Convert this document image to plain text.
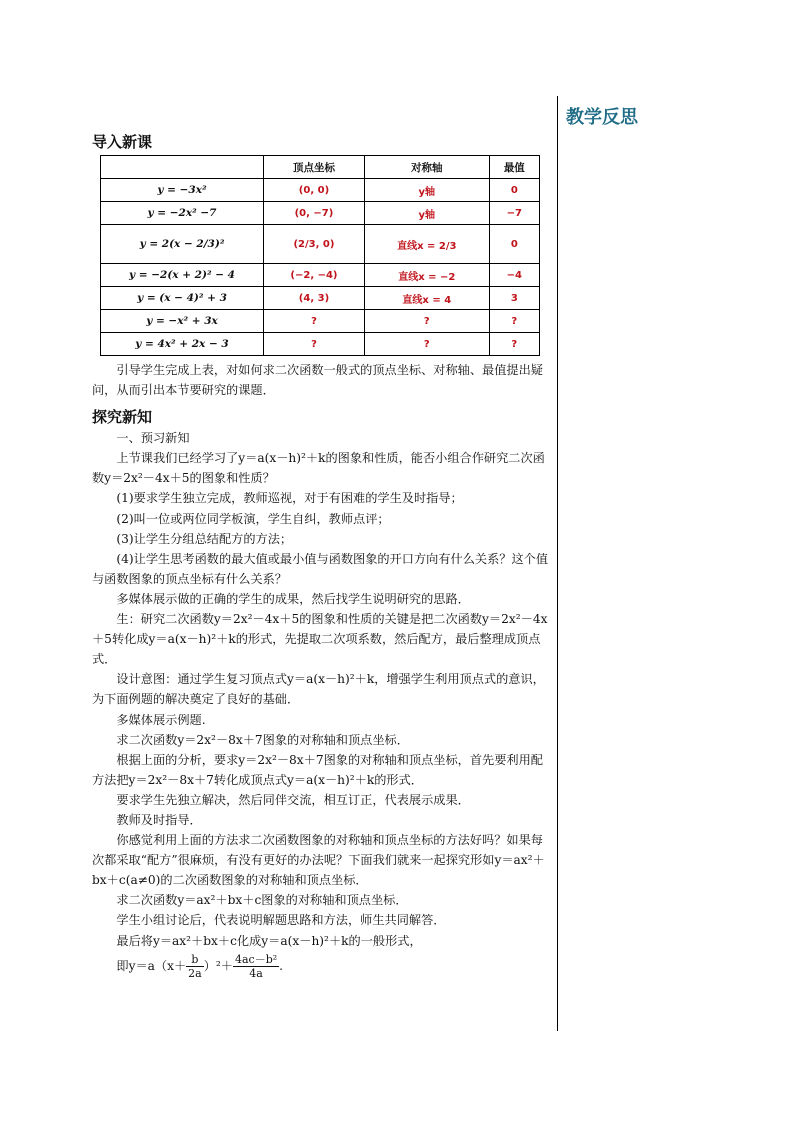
教学反思
导入新课
	顶点坐标	对称轴	最值
y = −3x²	(0, 0)	y轴	0
y = −2x² −7	(0, −7)	y轴	−7
y = 2(x − 2/3)²	(2/3, 0)	直线x = 2/3	0
y = −2(x + 2)² − 4	(−2, −4)	直线x = −2	−4
y = (x − 4)² + 3	(4, 3)	直线x = 4	3
y = −x² + 3x	?	?	?
y = 4x² + 2x − 3	?	?	?

引导学生完成上表，对如何求二次函数一般式的顶点坐标、对称轴、最值提出疑问，从而引出本节要研究的课题．

探究新知

一、预习新知

上节课我们已经学习了y＝a(x－h)²＋k的图象和性质，能否小组合作研究二次函数y＝2x²－4x＋5的图象和性质？

(1)要求学生独立完成，教师巡视，对于有困难的学生及时指导；

(2)叫一位或两位同学板演，学生自纠，教师点评；

(3)让学生分组总结配方的方法；

(4)让学生思考函数的最大值或最小值与函数图象的开口方向有什么关系？这个值与函数图象的顶点坐标有什么关系？

多媒体展示做的正确的学生的成果，然后找学生说明研究的思路．

生：研究二次函数y＝2x²－4x＋5的图象和性质的关键是把二次函数y＝2x²－4x＋5转化成y＝a(x－h)²＋k的形式，先提取二次项系数，然后配方，最后整理成顶点式．

设计意图：通过学生复习顶点式y＝a(x－h)²＋k，增强学生利用顶点式的意识，为下面例题的解决奠定了良好的基础．

多媒体展示例题.

求二次函数y＝2x²－8x＋7图象的对称轴和顶点坐标．

根据上面的分析，要求y＝2x²－8x＋7图象的对称轴和顶点坐标，首先要利用配方法把y＝2x²－8x＋7转化成顶点式y＝a(x－h)²＋k的形式．

要求学生先独立解决，然后同伴交流，相互订正，代表展示成果．

教师及时指导．

你感觉利用上面的方法求二次函数图象的对称轴和顶点坐标的方法好吗？如果每次都采取“配方”很麻烦，有没有更好的办法呢？下面我们就来一起探究形如y＝ax²＋bx＋c(a≠0)的二次函数图象的对称轴和顶点坐标．

求二次函数y＝ax²＋bx＋c图象的对称轴和顶点坐标．

学生小组讨论后，代表说明解题思路和方法，师生共同解答．

最后将y＝ax²＋bx＋c化成y＝a(x－h)²＋k的一般形式，

即$y=a(x+ \frac{b}{2a} )^2+ \frac{\text{4ac－b²}}{4a}$ .
